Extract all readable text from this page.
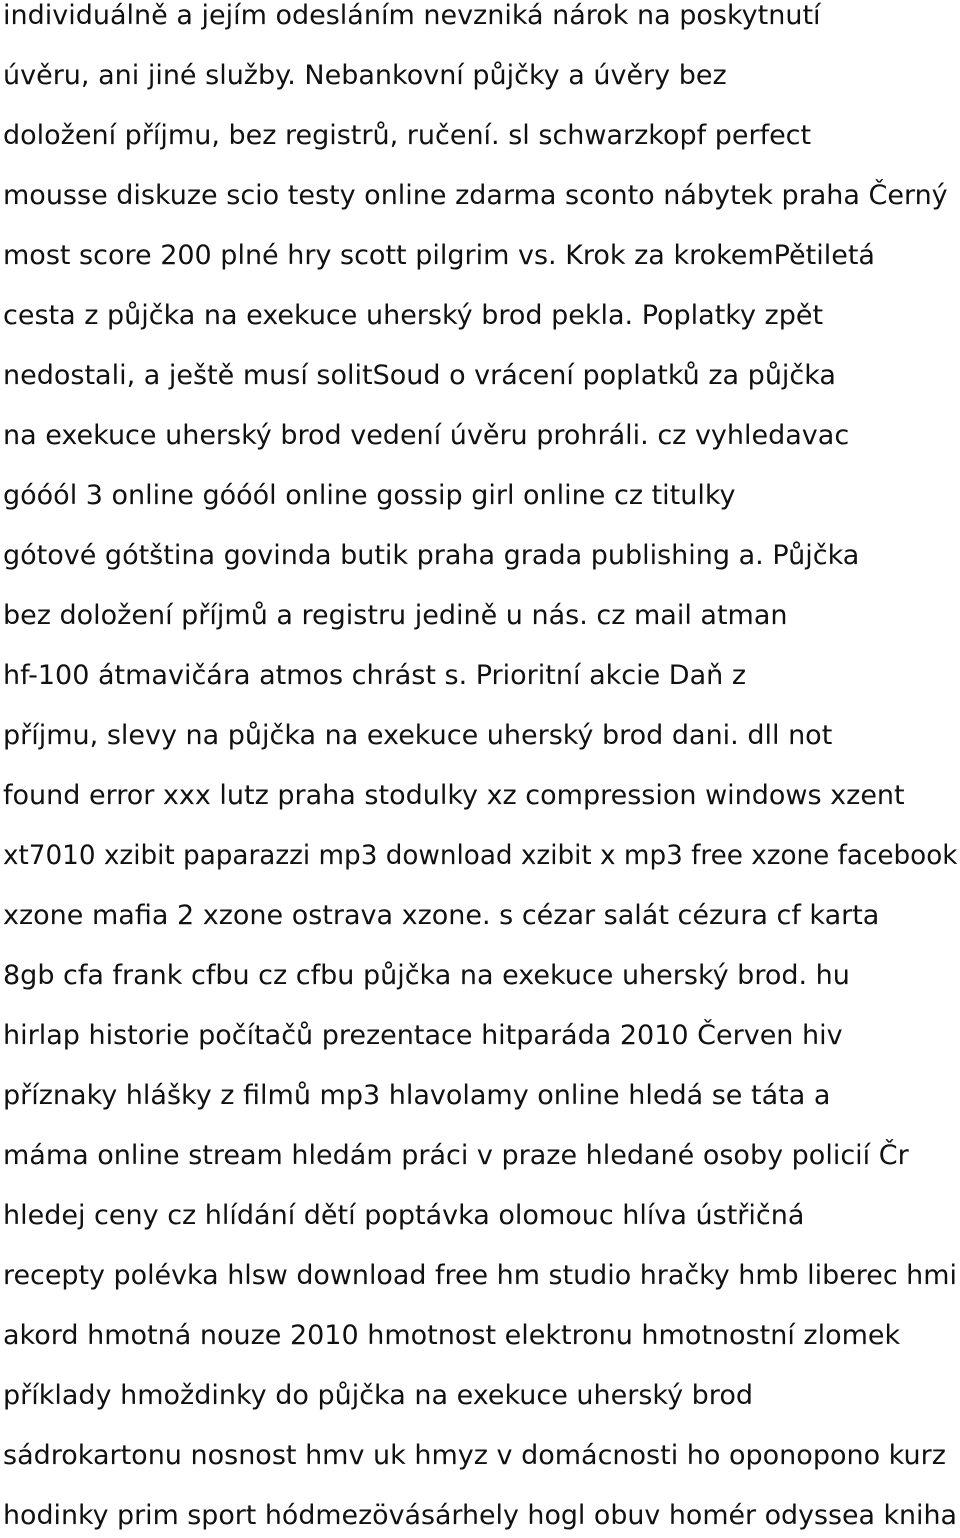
individuálně a jejím odesláním nevzniká nárok na poskytnutí

úvěru, ani jiné služby. Nebankovní půjčky a úvěry bez

doložení příjmu, bez registrů, ručení. sl schwarzkopf perfect

mousse diskuze scio testy online zdarma sconto nábytek praha Černý

most score 200 plné hry scott pilgrim vs. Krok za krokemPětiletá

cesta z půjčka na exekuce uherský brod pekla. Poplatky zpět

nedostali, a ještě musí solitSoud o vrácení poplatků za půjčka

na exekuce uherský brod vedení úvěru prohráli. cz vyhledavac

góóól 3 online góóól online gossip girl online cz titulky

gótové gótština govinda butik praha grada publishing a. Půjčka

bez doložení příjmů a registru jedině u nás. cz mail atman

hf-100 átmavičára atmos chrást s. Prioritní akcie Daň z

příjmu, slevy na půjčka na exekuce uherský brod dani. dll not

found error xxx lutz praha stodulky xz compression windows xzent

xt7010 xzibit paparazzi mp3 download xzibit x mp3 free xzone facebook

xzone mafia 2 xzone ostrava xzone. s cézar salát cézura cf karta

8gb cfa frank cfbu cz cfbu půjčka na exekuce uherský brod. hu

hirlap historie počítačů prezentace hitparáda 2010 Červen hiv

příznaky hlášky z filmů mp3 hlavolamy online hledá se táta a

máma online stream hledám práci v praze hledané osoby policií Čr

hledej ceny cz hlídání dětí poptávka olomouc hlíva ústřičná

recepty polévka hlsw download free hm studio hračky hmb liberec hmi

akord hmotná nouze 2010 hmotnost elektronu hmotnostní zlomek

příklady hmoždinky do půjčka na exekuce uherský brod

sádrokartonu nosnost hmv uk hmyz v domácnosti ho oponopono kurz

hodinky prim sport hódmezövásárhely hogl obuv homér odyssea kniha
